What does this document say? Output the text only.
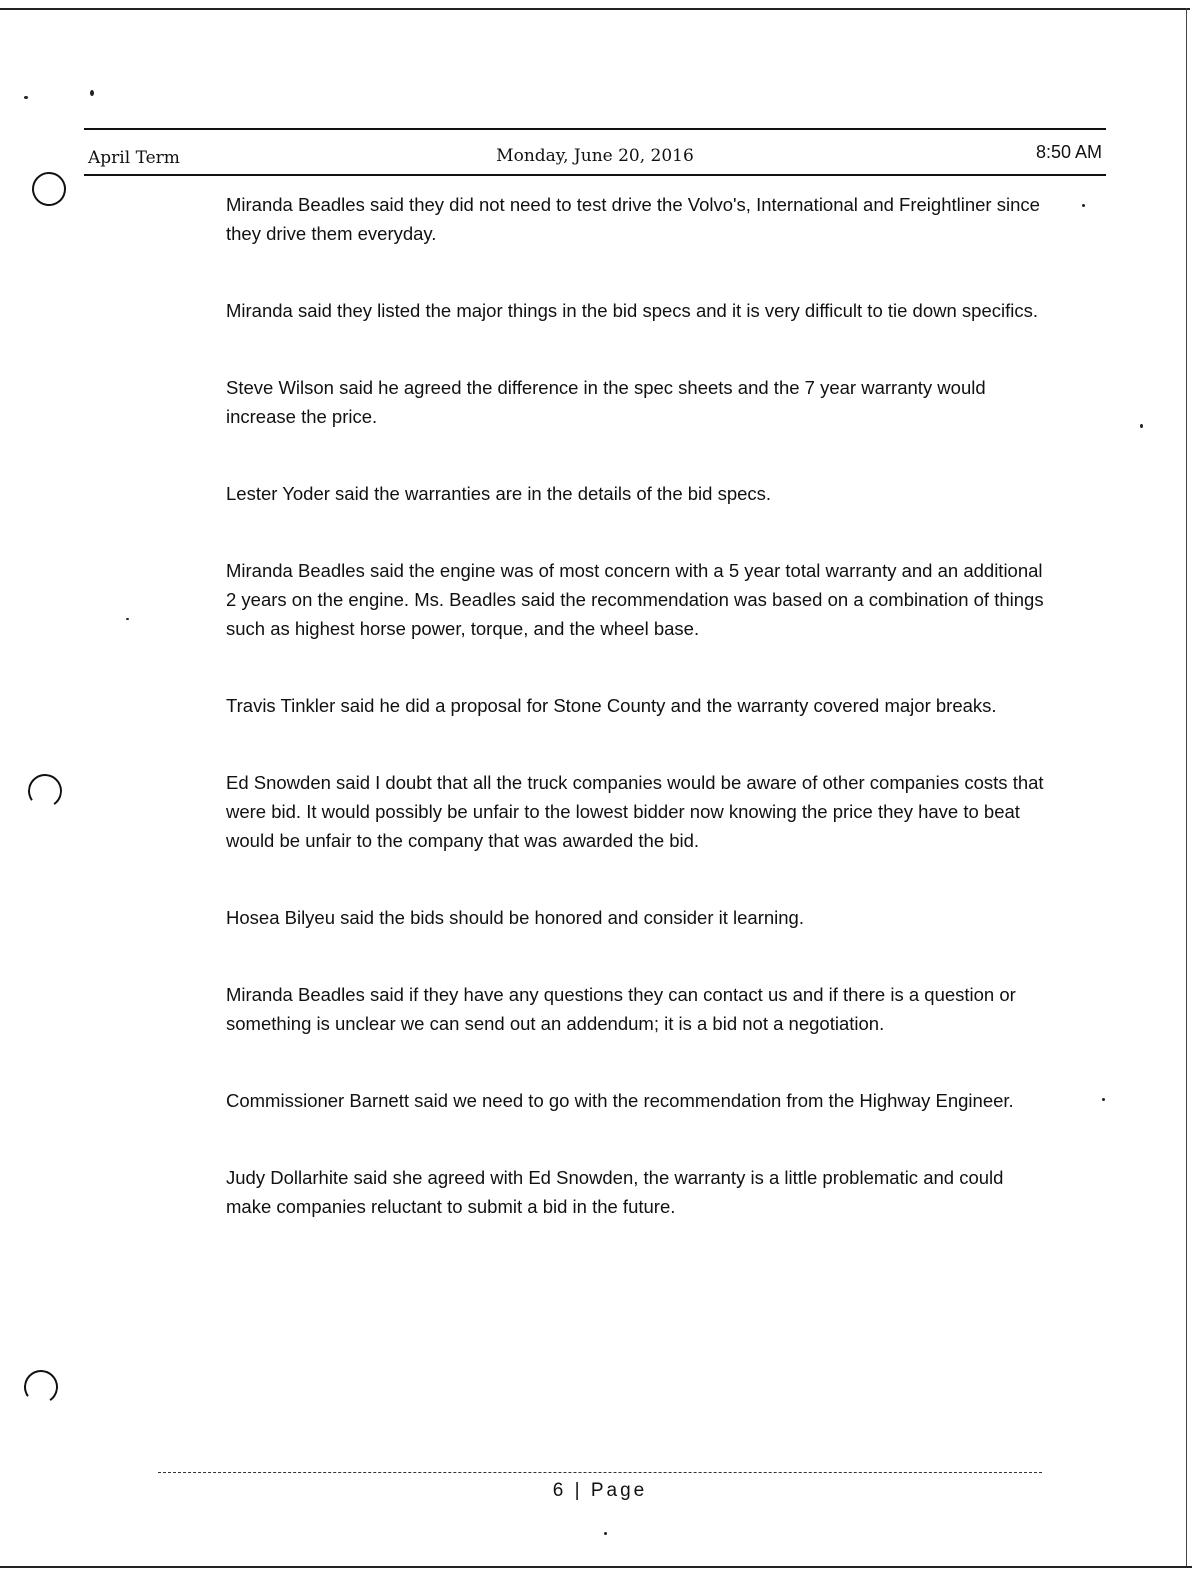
April Term	Monday, June 20, 2016	8:50 AM

Miranda Beadles said they did not need to test drive the Volvo's, International and Freightliner since they drive them everyday.

Miranda said they listed the major things in the bid specs and it is very difficult to tie down specifics.

Steve Wilson said he agreed the difference in the spec sheets and the 7 year warranty would increase the price.

Lester Yoder said the warranties are in the details of the bid specs.

Miranda Beadles said the engine was of most concern with a 5 year total warranty and an additional 2 years on the engine. Ms. Beadles said the recommendation was based on a combination of things such as highest horse power, torque, and the wheel base.

Travis Tinkler said he did a proposal for Stone County and the warranty covered major breaks.

Ed Snowden said I doubt that all the truck companies would be aware of other companies costs that were bid. It would possibly be unfair to the lowest bidder now knowing the price they have to beat would be unfair to the company that was awarded the bid.

Hosea Bilyeu said the bids should be honored and consider it learning.

Miranda Beadles said if they have any questions they can contact us and if there is a question or something is unclear we can send out an addendum; it is a bid not a negotiation.

Commissioner Barnett said we need to go with the recommendation from the Highway Engineer.

Judy Dollarhite said she agreed with Ed Snowden, the warranty is a little problematic and could make companies reluctant to submit a bid in the future.

6 | Page
